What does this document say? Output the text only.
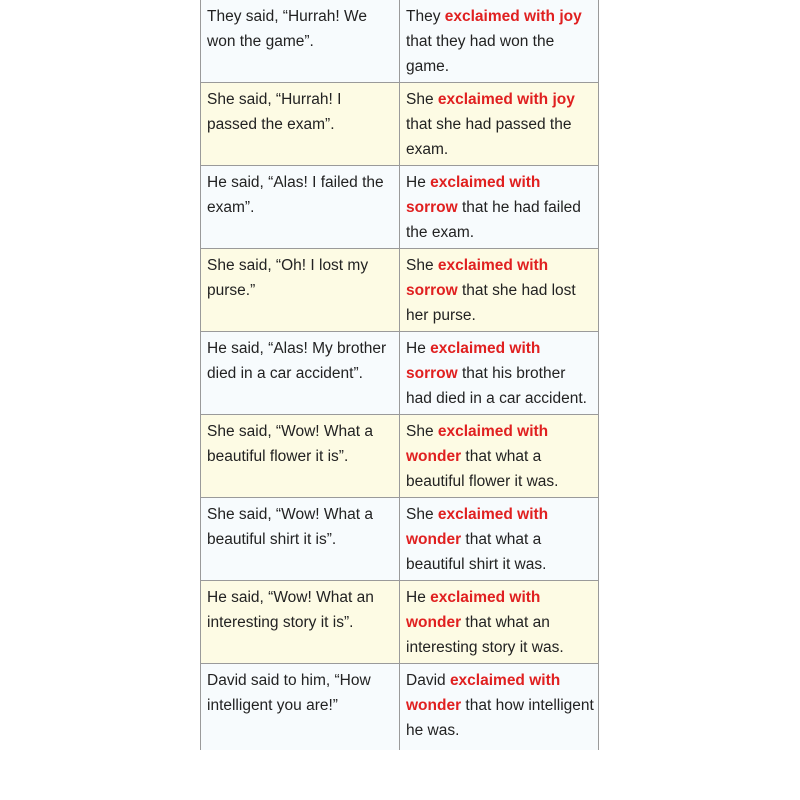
They said, “Hurrah! We won the game”.	They exclaimed with joy that they had won the game.
She said, “Hurrah! I passed the exam”.	She exclaimed with joy that she had passed the exam.
He said, “Alas! I failed the exam”.	He exclaimed with sorrow that he had failed the exam.
She said, “Oh! I lost my purse.”	She exclaimed with sorrow that she had lost her purse.
He said, “Alas! My brother died in a car accident”.	He exclaimed with sorrow that his brother had died in a car accident.
She said, “Wow! What a beautiful flower it is”.	She exclaimed with wonder that what a beautiful flower it was.
She said, “Wow! What a beautiful shirt it is”.	She exclaimed with wonder that what a beautiful shirt it was.
He said, “Wow! What an interesting story it is”.	He exclaimed with wonder that what an interesting story it was.
David said to him, “How intelligent you are!”	David exclaimed with wonder that how intelligent he was.
